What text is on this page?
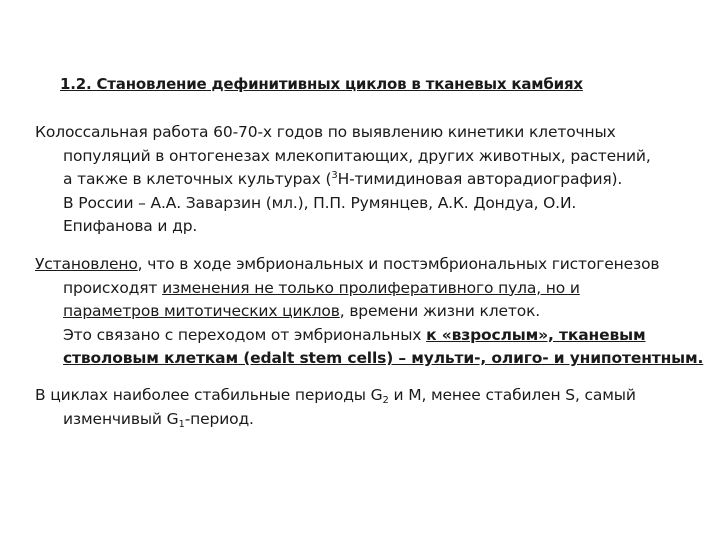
1.2. Становление дефинитивных циклов в тканевых камбиях
Колоссальная работа 60-70-х годов по выявлению кинетики клеточных
популяций в онтогенезах млекопитающих, других животных, растений,
а также в клеточных культурах ($^3$Н-тимидиновая авторадиография).
В России – А.А. Заварзин (мл.), П.П. Румянцев, А.К. Дондуа, О.И.
Епифанова и др.
Установлено, что в ходе эмбриональных и постэмбриональных гистогенезов
происходят изменения не только пролиферативного пула, но и
параметров митотических циклов, времени жизни клеток.
Это связано с переходом от эмбриональных к «взрослым», тканевым
стволовым клеткам (edalt stem cells) – мульти-, олиго- и унипотентным.
В циклах наиболее стабильные периоды $G_2$ и М, менее стабилен S, самый
изменчивый $G_1$-период.
